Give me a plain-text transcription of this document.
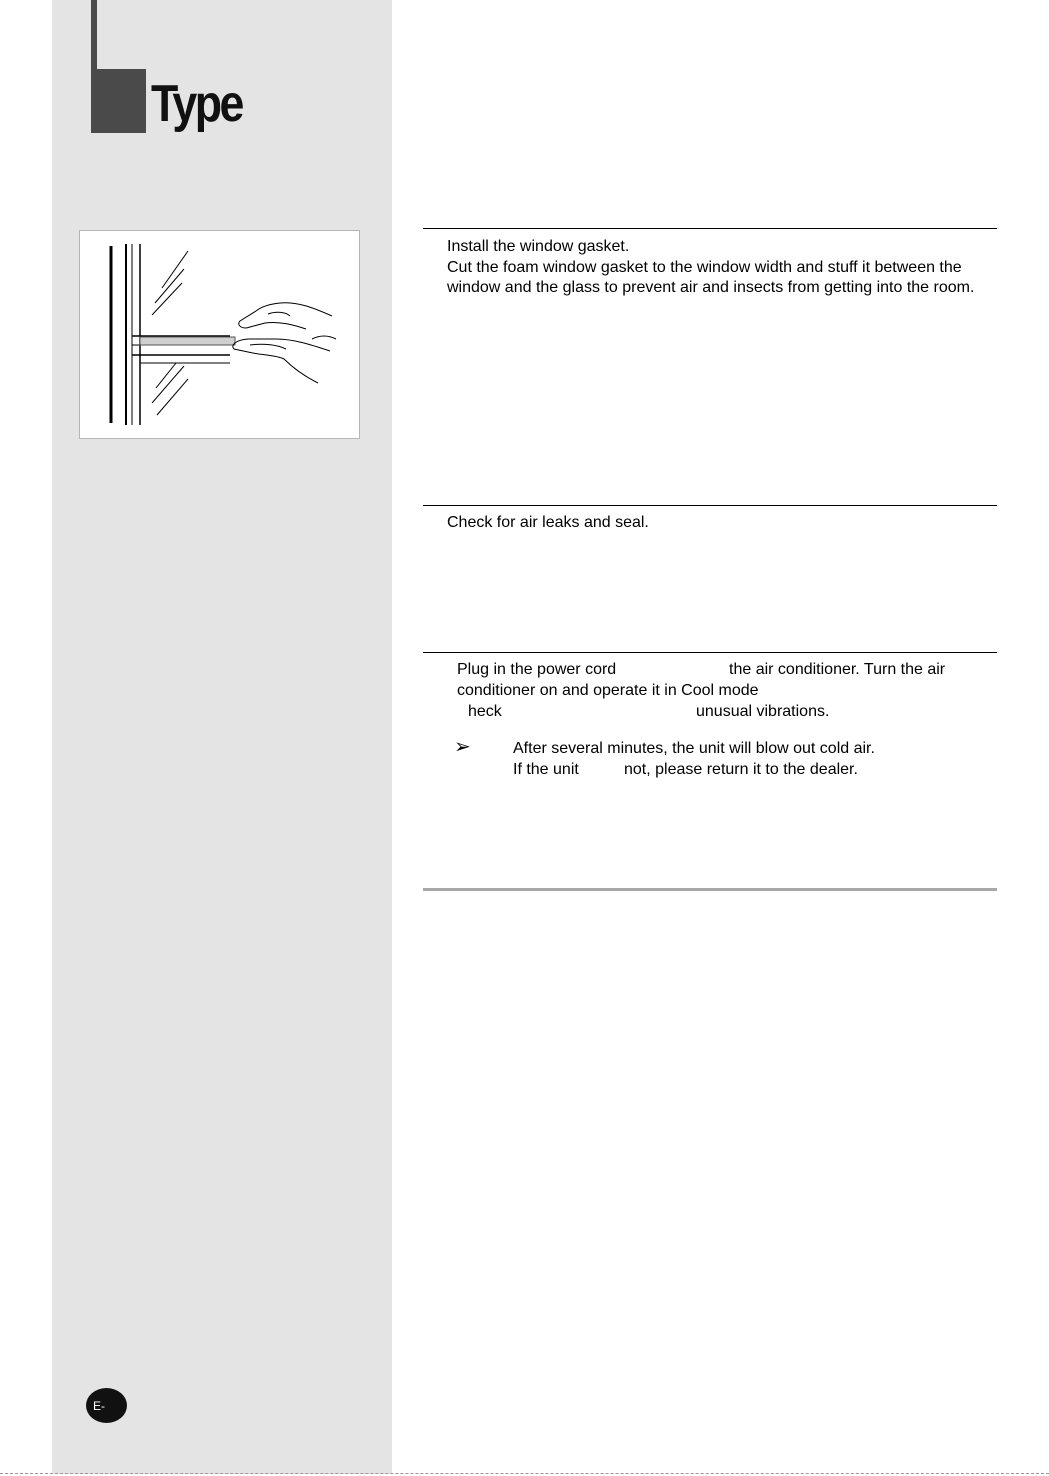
Type
Install the window gasket.
Cut the foam window gasket to the window width and stuff it between the
window and the glass to prevent air and insects from getting into the room.
Check for air leaks and seal.
Plug in the power cord	the air conditioner. Turn the air
conditioner on and operate it in Cool mode
heck	unusual vibrations.
➢	After several minutes, the unit will blow out cold air.
If the unit	not, please return it to the dealer.
E-
